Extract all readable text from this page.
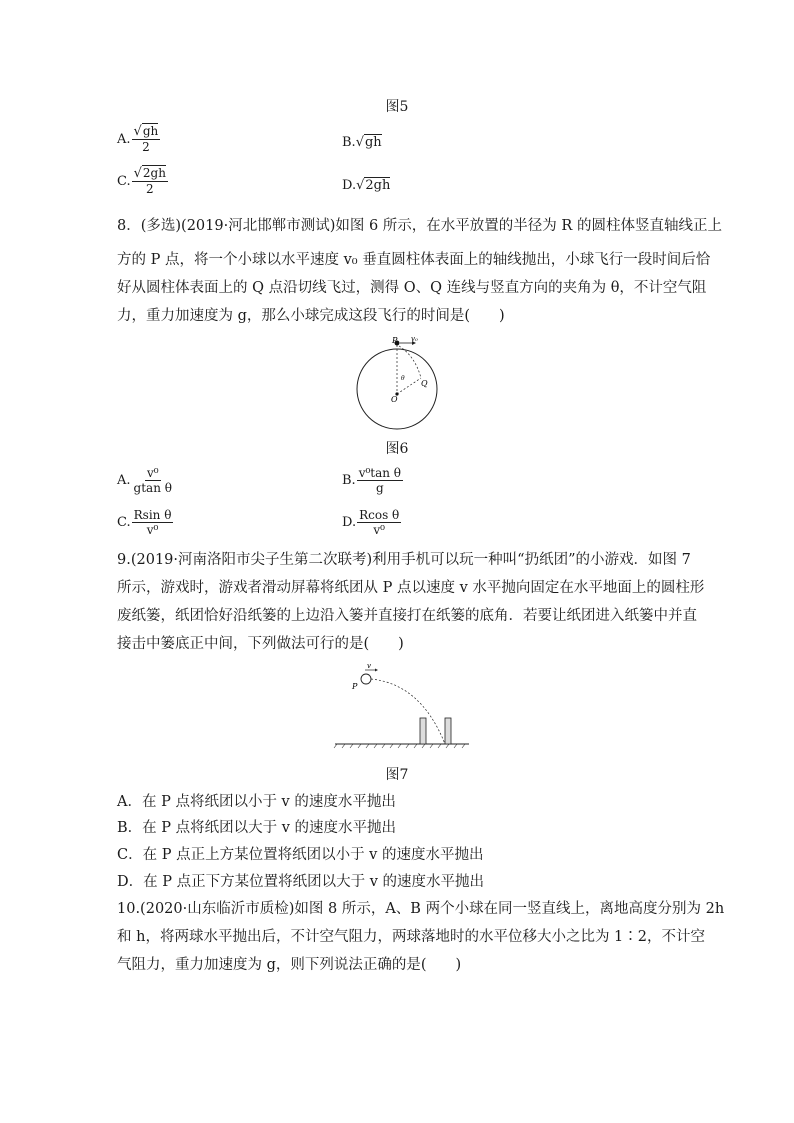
图5
A. $\frac{√gh}{2}$	B. √ gh
C. $\frac{√2gh}{2}$	D. √ 2gh
8．(多选)(2019·河北邯郸市测试)如图 6 所示，在水平放置的半径为 R 的圆柱体竖直轴线正上
方的 P 点，将一个小球以水平速度 v₀ 垂直圆柱体表面上的轴线抛出，小球飞行一段时间后恰
好从圆柱体表面上的 Q 点沿切线飞过，测得 O、Q 连线与竖直方向的夹角为 θ，不计空气阻
力，重力加速度为 g，那么小球完成这段飞行的时间是(　　)
P v₀
O
Q
θ
图6
A. $\frac{\text{v⁰}}{\text{gtan θ}}$	B. $\frac{\text{v⁰tan θ}}{g}$
C. $\frac{\text{Rsin θ}}{\text{v⁰}}$	D. $\frac{\text{Rcos θ}}{\text{v⁰}}$
9.(2019·河南洛阳市尖子生第二次联考)利用手机可以玩一种叫“扔纸团”的小游戏．如图 7
所示，游戏时，游戏者滑动屏幕将纸团从 P 点以速度 v 水平抛向固定在水平地面上的圆柱形
废纸篓，纸团恰好沿纸篓的上边沿入篓并直接打在纸篓的底角．若要让纸团进入纸篓中并直
接击中篓底正中间，下列做法可行的是(　　)
P
v
图7
A．在 P 点将纸团以小于 v 的速度水平抛出
B．在 P 点将纸团以大于 v 的速度水平抛出
C．在 P 点正上方某位置将纸团以小于 v 的速度水平抛出
D．在 P 点正下方某位置将纸团以大于 v 的速度水平抛出
10.(2020·山东临沂市质检)如图 8 所示，A、B 两个小球在同一竖直线上，离地高度分别为 2h
和 h，将两球水平抛出后，不计空气阻力，两球落地时的水平位移大小之比为 1∶2，不计空
气阻力，重力加速度为 g，则下列说法正确的是(　　)
